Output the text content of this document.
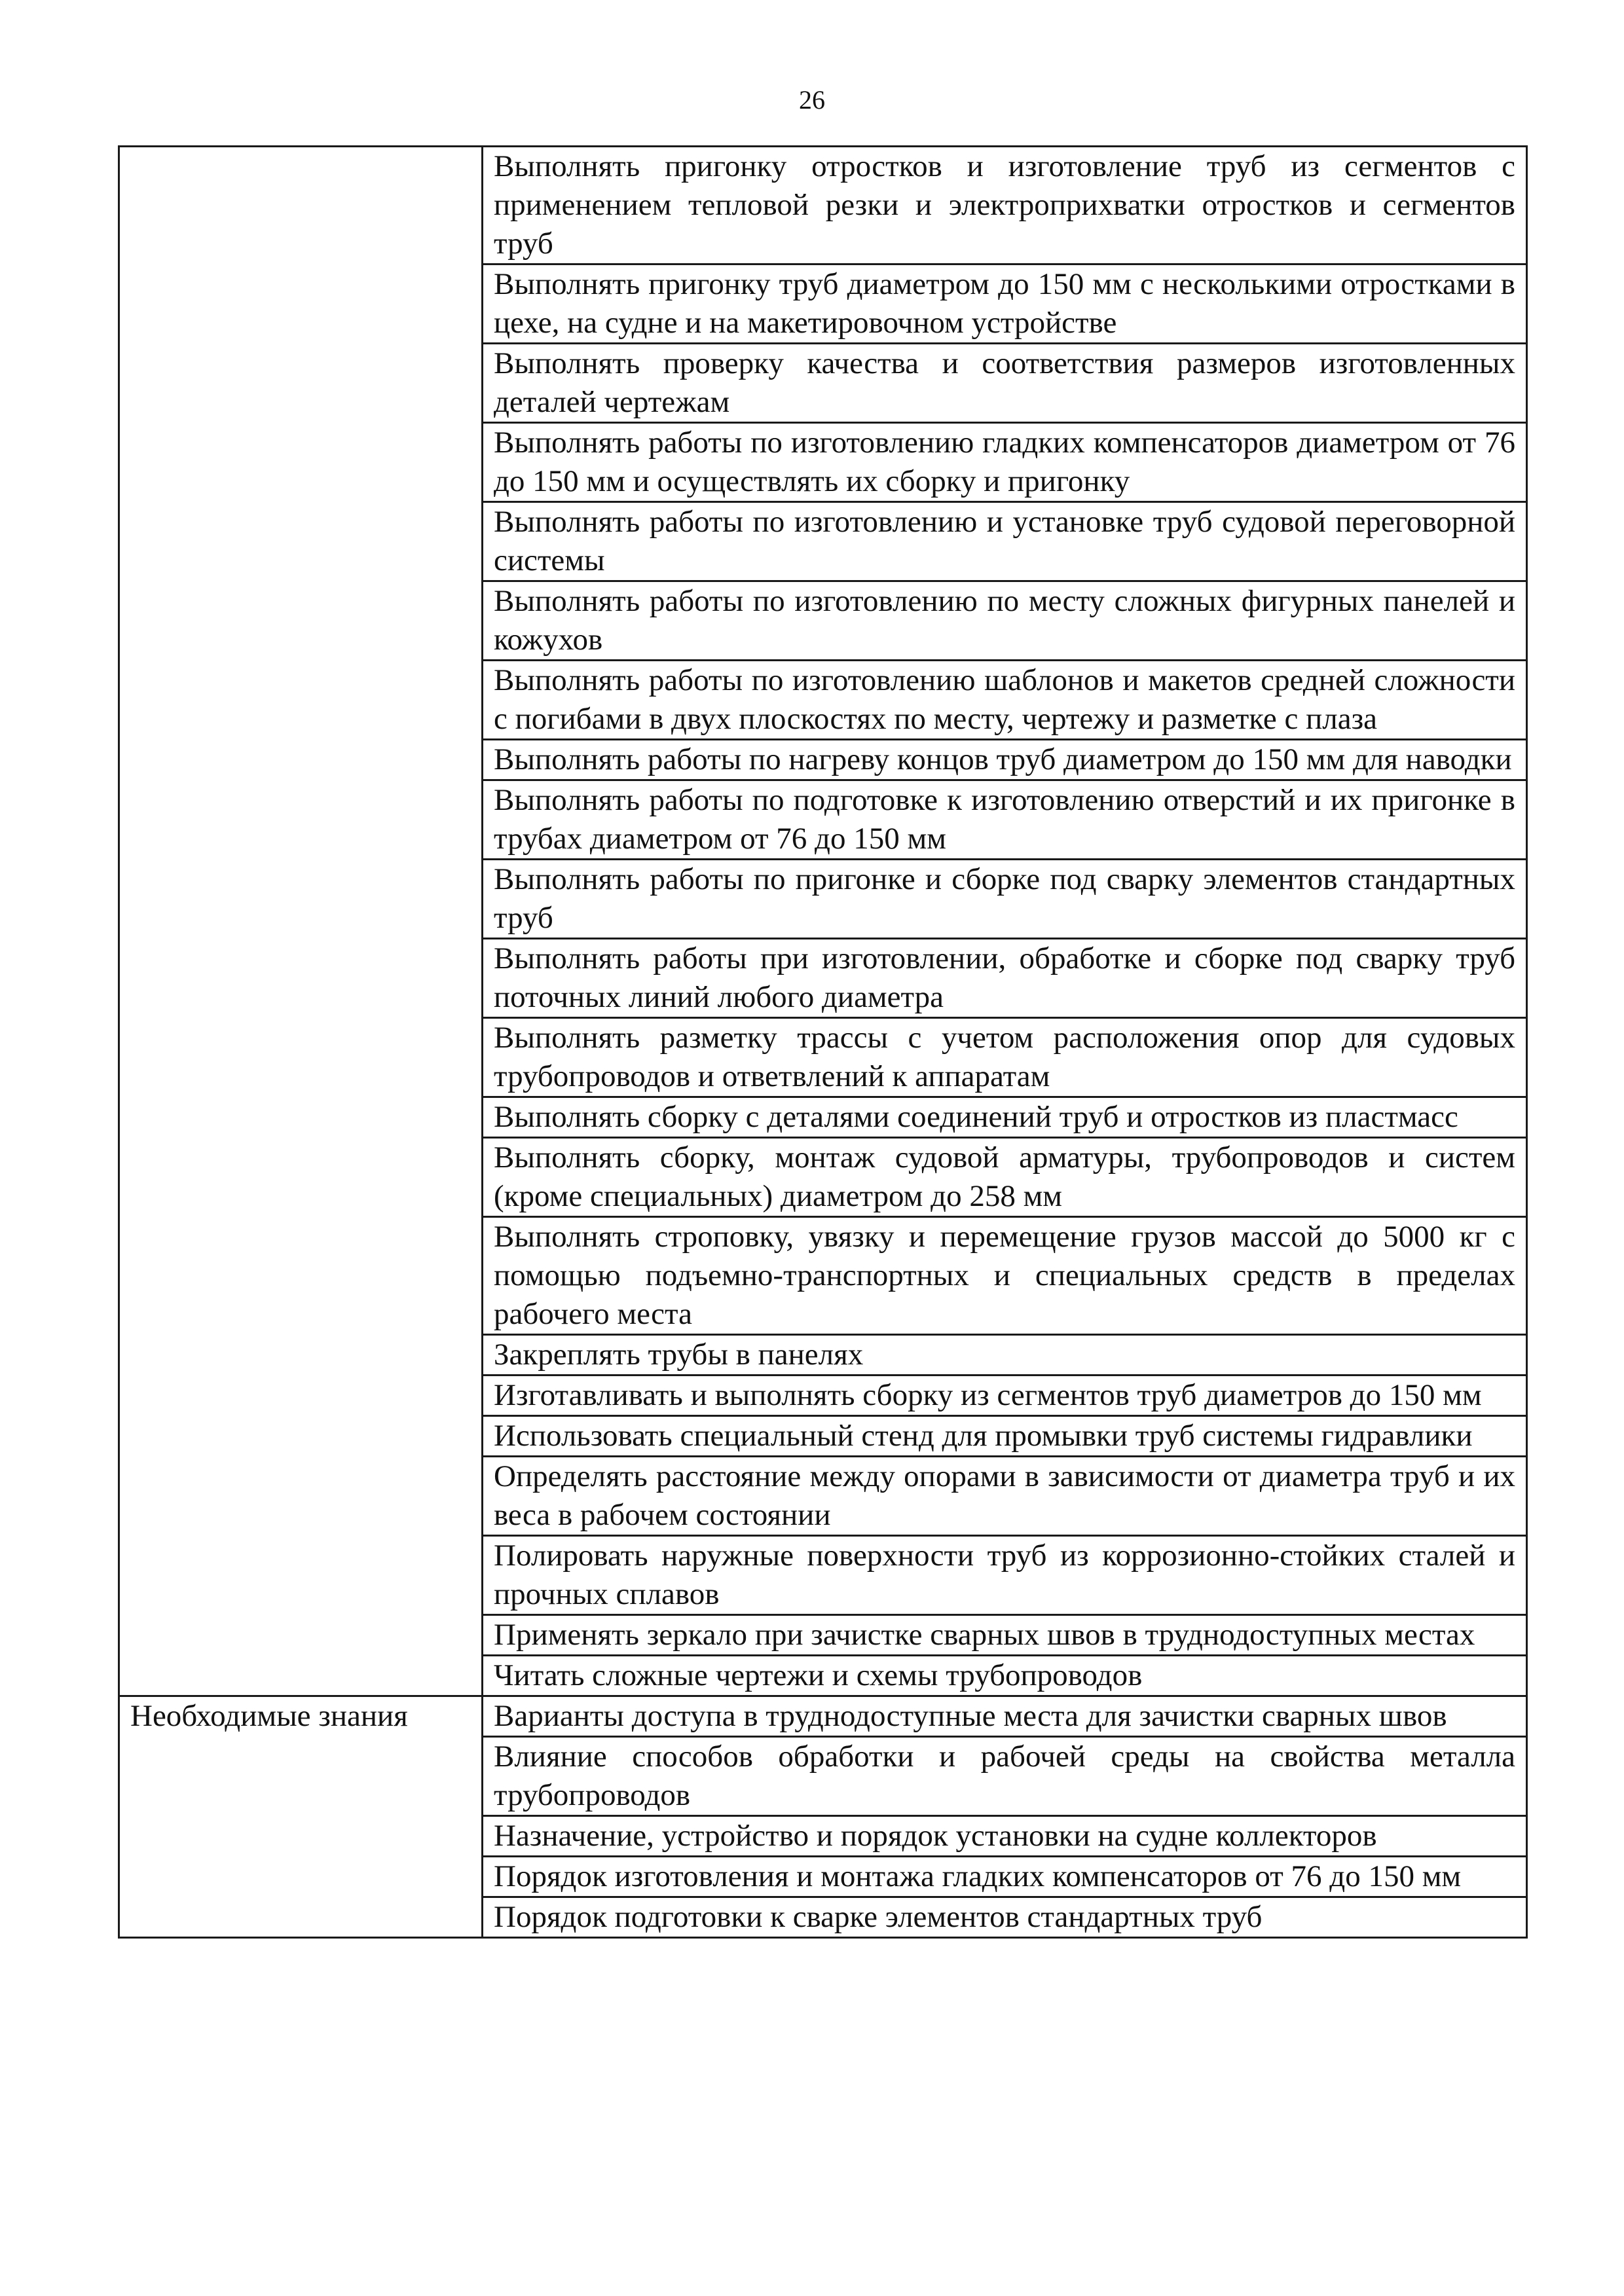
26
	Выполнять пригонку отростков и изготовление труб из сегментов с применением тепловой резки и электроприхватки отростков и сегментов труб
	Выполнять пригонку труб диаметром до 150 мм с несколькими отростками в цехе, на судне и на макетировочном устройстве
	Выполнять проверку качества и соответствия размеров изготовленных деталей чертежам
	Выполнять работы по изготовлению гладких компенсаторов диаметром от 76 до 150 мм и осуществлять их сборку и пригонку
	Выполнять работы по изготовлению и установке труб судовой переговорной системы
	Выполнять работы по изготовлению по месту сложных фигурных панелей и кожухов
	Выполнять работы по изготовлению шаблонов и макетов средней сложности с погибами в двух плоскостях по месту, чертежу и разметке с плаза
	Выполнять работы по нагреву концов труб диаметром до 150 мм для наводки
	Выполнять работы по подготовке к изготовлению отверстий и их пригонке в трубах диаметром от 76 до 150 мм
	Выполнять работы по пригонке и сборке под сварку элементов стандартных труб
	Выполнять работы при изготовлении, обработке и сборке под сварку труб поточных линий любого диаметра
	Выполнять разметку трассы с учетом расположения опор для судовых трубопроводов и ответвлений к аппаратам
	Выполнять сборку с деталями соединений труб и отростков из пластмасс
	Выполнять сборку, монтаж судовой арматуры, трубопроводов и систем (кроме специальных) диаметром до 258 мм
	Выполнять строповку, увязку и перемещение грузов массой до 5000 кг с помощью подъемно-транспортных и специальных средств в пределах рабочего места
	Закреплять трубы в панелях
	Изготавливать и выполнять сборку из сегментов труб диаметров до 150 мм
	Использовать специальный стенд для промывки труб системы гидравлики
	Определять расстояние между опорами в зависимости от диаметра труб и их веса в рабочем состоянии
	Полировать наружные поверхности труб из коррозионно-стойких сталей и прочных сплавов
	Применять зеркало при зачистке сварных швов в труднодоступных местах
	Читать сложные чертежи и схемы трубопроводов
Необходимые знания	Варианты доступа в труднодоступные места для зачистки сварных швов
	Влияние способов обработки и рабочей среды на свойства металла трубопроводов
	Назначение, устройство и порядок установки на судне коллекторов
	Порядок изготовления и монтажа гладких компенсаторов от 76 до 150 мм
	Порядок подготовки к сварке элементов стандартных труб
